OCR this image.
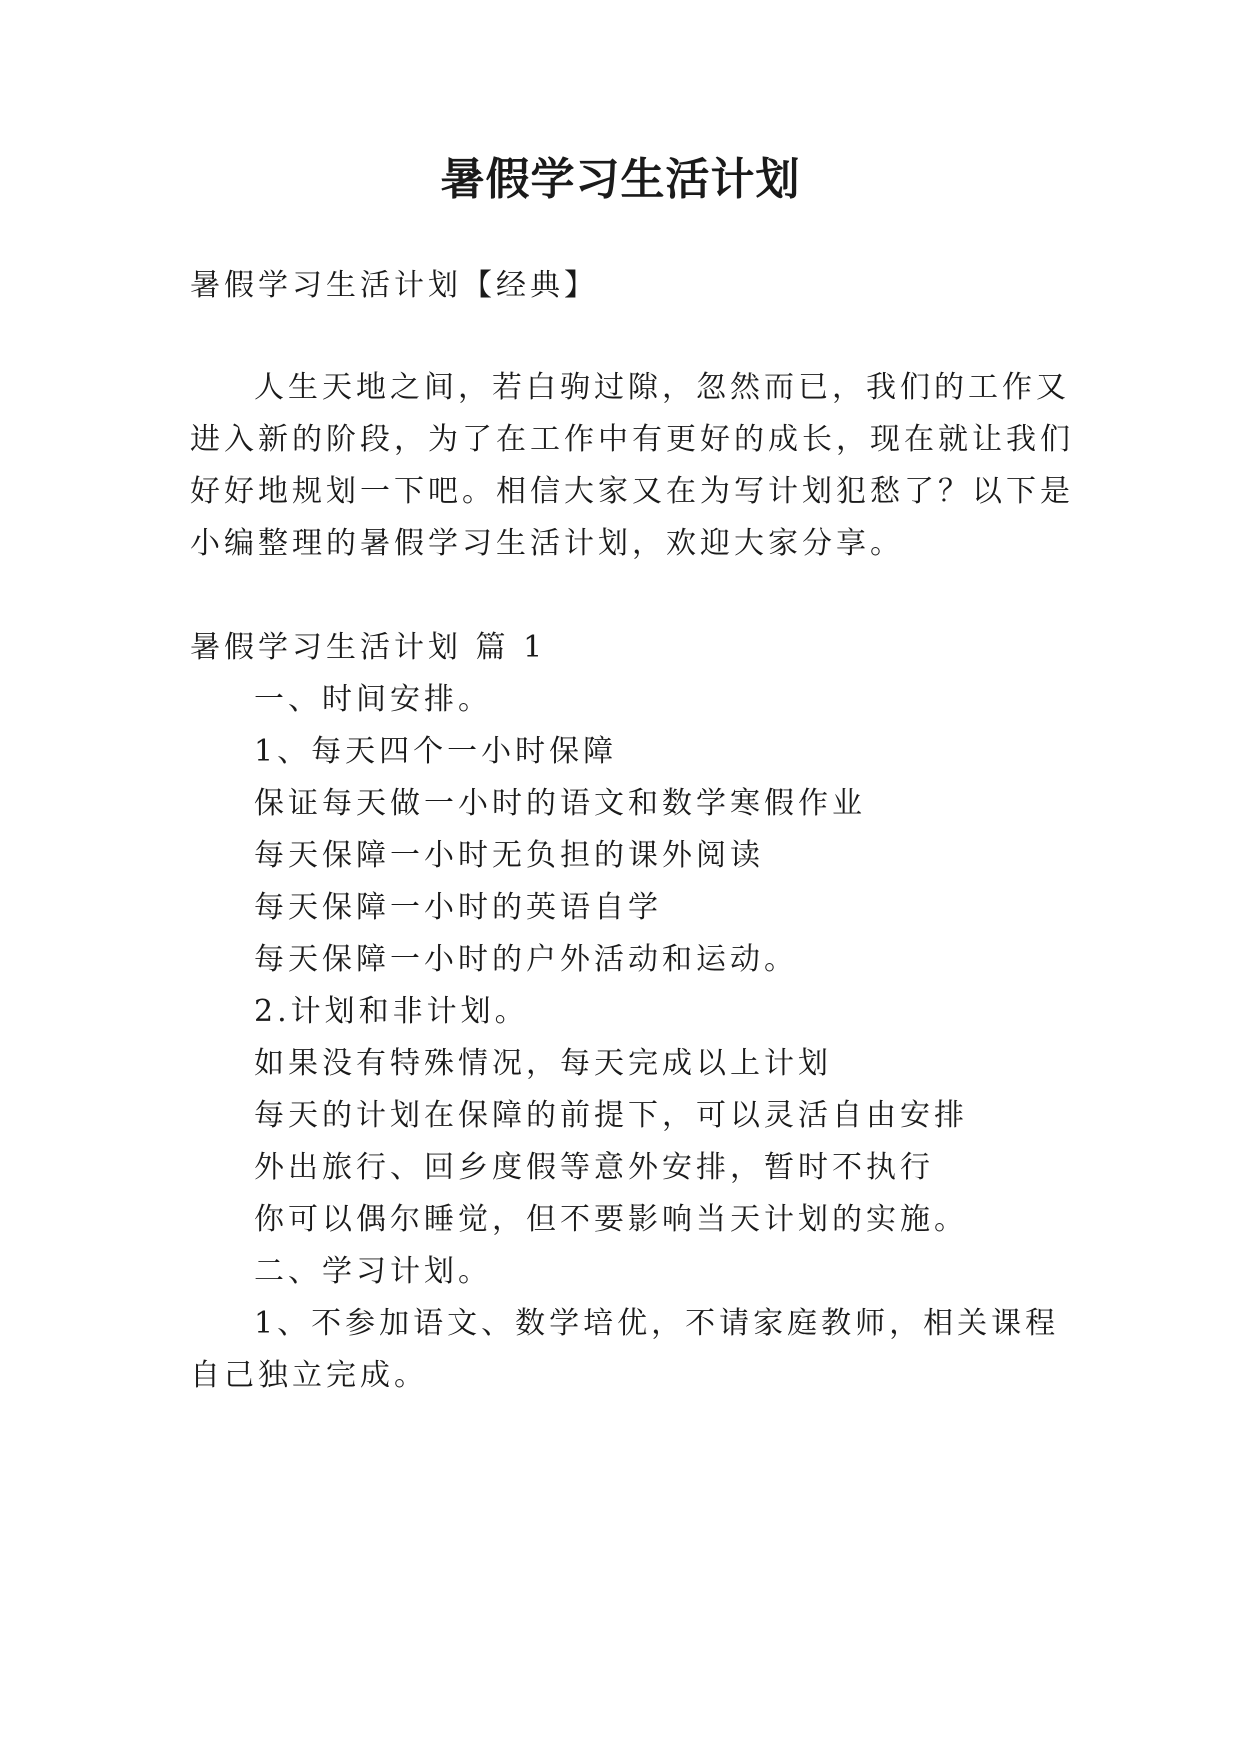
暑假学习生活计划
暑假学习生活计划【经典】
人生天地之间，若白驹过隙，忽然而已，我们的工作又
进入新的阶段，为了在工作中有更好的成长，现在就让我们
好好地规划一下吧。相信大家又在为写计划犯愁了？以下是
小编整理的暑假学习生活计划，欢迎大家分享。
暑假学习生活计划 篇 1
一、时间安排。
1、每天四个一小时保障
保证每天做一小时的语文和数学寒假作业
每天保障一小时无负担的课外阅读
每天保障一小时的英语自学
每天保障一小时的户外活动和运动。
2.计划和非计划。
如果没有特殊情况，每天完成以上计划
每天的计划在保障的前提下，可以灵活自由安排
外出旅行、回乡度假等意外安排，暂时不执行
你可以偶尔睡觉，但不要影响当天计划的实施。
二、学习计划。
1、不参加语文、数学培优，不请家庭教师，相关课程
自己独立完成。
